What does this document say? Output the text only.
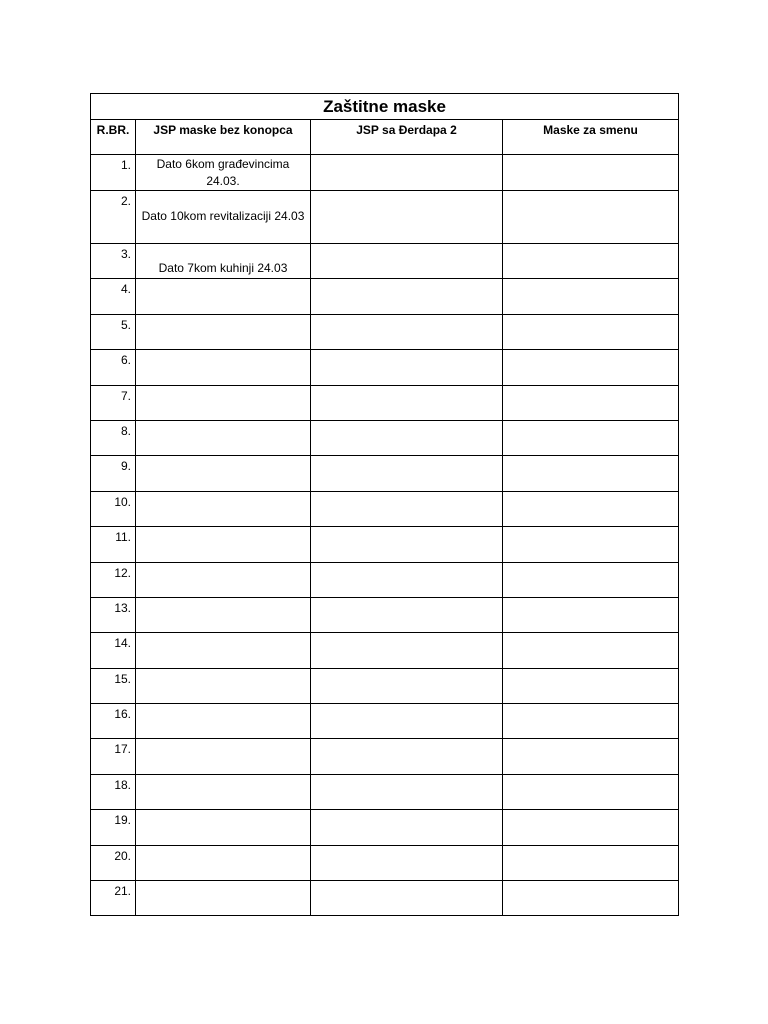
Zaštitne maske			
R.BR.	JSP maske bez konopca	JSP sa Đerdapa 2	Maske za smenu
1.	Dato 6kom građevincima 24.03.		

2.	Dato 10kom revitalizaciji 24.03		

3.	Dato 7kom kuhinji 24.03		

4.	

5.	

6.	

7.	

8.	

9.	

10.	

11.	

12.	

13.	

14.	

15.	

16.	

17.	

18.	

19.	

20.	

21.	
